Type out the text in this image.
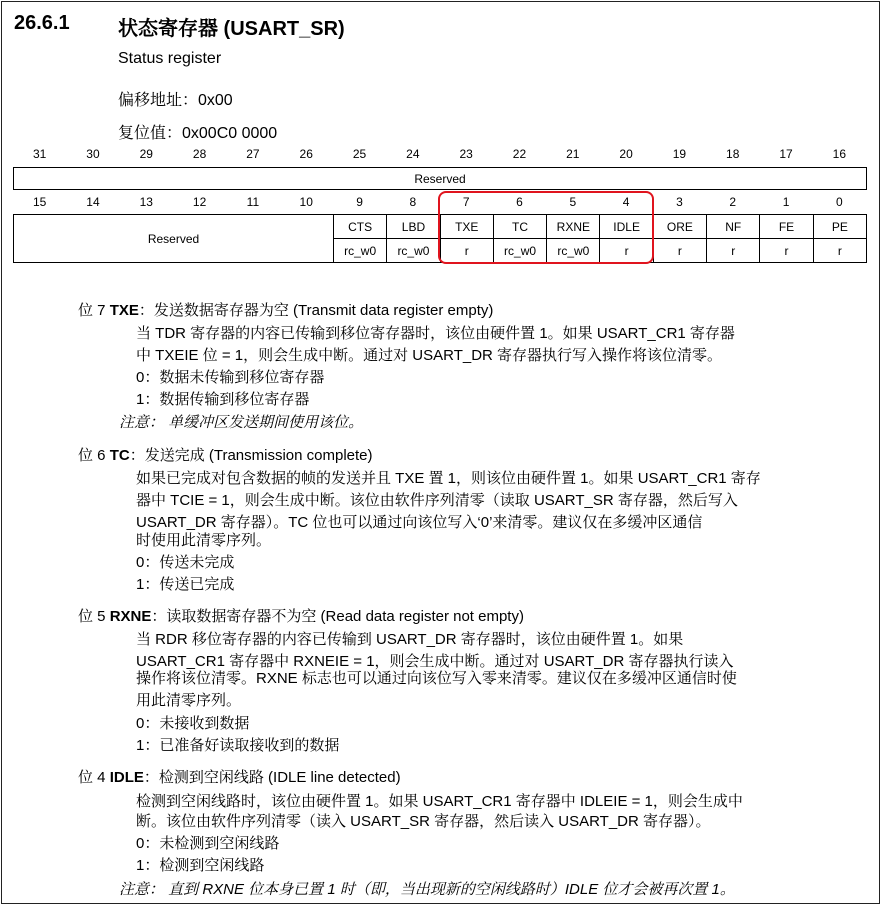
26.6.1 状态寄存器 (USART_SR)
Status register
偏移地址：0x00
复位值：0x00C0 0000
31	30	29	28	27	26	25	24	23	22	21	20	19	18	17	16
Reserved
15	14	13	12	11	10	9	8	7	6	5	4	3	2	1	0
Reserved	CTS	LBD	TXE	TC	RXNE	IDLE	ORE	NF	FE	PE
	rc_w0	rc_w0	r	rc_w0	rc_w0	r	r	r	r	r
位 7 TXE：发送数据寄存器为空 (Transmit data register empty)
当 TDR 寄存器的内容已传输到移位寄存器时，该位由硬件置 1。如果 USART_CR1 寄存器
中 TXEIE 位 = 1，则会生成中断。通过对 USART_DR 寄存器执行写入操作将该位清零。
0：数据未传输到移位寄存器
1：数据传输到移位寄存器
注意： 单缓冲区发送期间使用该位。
位 6 TC：发送完成 (Transmission complete)
如果已完成对包含数据的帧的发送并且 TXE 置 1，则该位由硬件置 1。如果 USART_CR1 寄存
器中 TCIE = 1，则会生成中断。该位由软件序列清零（读取 USART_SR 寄存器，然后写入
USART_DR 寄存器）。TC 位也可以通过向该位写入‘0’来清零。建议仅在多缓冲区通信
时使用此清零序列。
0：传送未完成
1：传送已完成
位 5 RXNE：读取数据寄存器不为空 (Read data register not empty)
当 RDR 移位寄存器的内容已传输到 USART_DR 寄存器时，该位由硬件置 1。如果
USART_CR1 寄存器中 RXNEIE = 1，则会生成中断。通过对 USART_DR 寄存器执行读入
操作将该位清零。RXNE 标志也可以通过向该位写入零来清零。建议仅在多缓冲区通信时使
用此清零序列。
0：未接收到数据
1：已准备好读取接收到的数据
位 4 IDLE：检测到空闲线路 (IDLE line detected)
检测到空闲线路时，该位由硬件置 1。如果 USART_CR1 寄存器中 IDLEIE = 1，则会生成中
断。该位由软件序列清零（读入 USART_SR 寄存器，然后读入 USART_DR 寄存器）。
0：未检测到空闲线路
1：检测到空闲线路
注意： 直到 RXNE 位本身已置 1 时（即，当出现新的空闲线路时）IDLE 位才会被再次置 1。
